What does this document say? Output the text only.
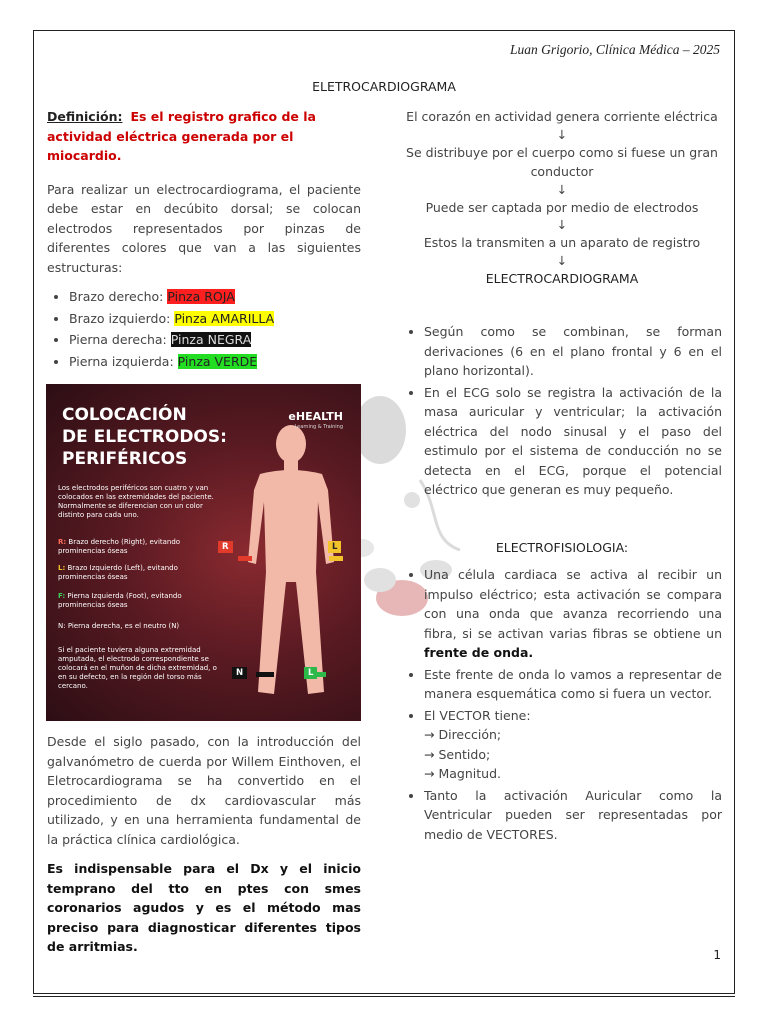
Luan Grigorio, Clínica Médica – 2025
ELETROCARDIOGRAMA

Definición: Es el registro grafico de la actividad eléctrica generada por el miocardio.

Para realizar un electrocardiograma, el paciente debe estar en decúbito dorsal; se colocan electrodos representados por pinzas de diferentes colores que van a las siguientes estructuras:

• Brazo derecho: Pinza ROJA
• Brazo izquierdo: Pinza AMARILLA
• Pierna derecha: Pinza NEGRA
• Pierna izquierda: Pinza VERDE
COLOCACIÓN
DE ELECTRODOS:
PERIFÉRICOS
eHEALTH
Learning & Training
Los electrodos periféricos son cuatro y van colocados en las extremidades del paciente. Normalmente se diferencian con un color distinto para cada uno.
R: Brazo derecho (Right), evitando prominencias óseas
L: Brazo Izquierdo (Left), evitando prominencias óseas
F: Pierna Izquierda (Foot), evitando prominencias óseas
N: Pierna derecha, es el neutro (N)
Si el paciente tuviera alguna extremidad amputada, el electrodo correspondiente se colocará en el muñon de dicha extremidad, o en su defecto, en la región del torso más cercano.
R	L
N	L

Desde el siglo pasado, con la introducción del galvanómetro de cuerda por Willem Einthoven, el Eletrocardiograma se ha convertido en el procedimiento de dx cardiovascular más utilizado, y en una herramienta fundamental de la práctica clínica cardiológica.

Es indispensable para el Dx y el inicio temprano del tto en ptes con smes coronarios agudos y es el método mas preciso para diagnosticar diferentes tipos de arritmias.

El corazón en actividad genera corriente eléctrica

↓

Se distribuye por el cuerpo como si fuese un gran conductor

↓

Puede ser captada por medio de electrodos

↓

Estos la transmiten a un aparato de registro

↓

ELECTROCARDIOGRAMA

• Según como se combinan, se forman derivaciones (6 en el plano frontal y 6 en el plano horizontal).
• En el ECG solo se registra la activación de la masa auricular y ventricular; la activación eléctrica del nodo sinusal y el paso del estimulo por el sistema de conducción no se detecta en el ECG, porque el potencial eléctrico que generan es muy pequeño.

ELECTROFISIOLOGIA:

• Una célula cardiaca se activa al recibir un impulso eléctrico; esta activación se compara con una onda que avanza recorriendo una fibra, si se activan varias fibras se obtiene un frente de onda.
• Este frente de onda lo vamos a representar de manera esquemática como si fuera un vector.
• El VECTOR tiene:
→ Dirección;
→ Sentido;
→ Magnitud.
• Tanto la activación Auricular como la Ventricular pueden ser representadas por medio de VECTORES.
1
